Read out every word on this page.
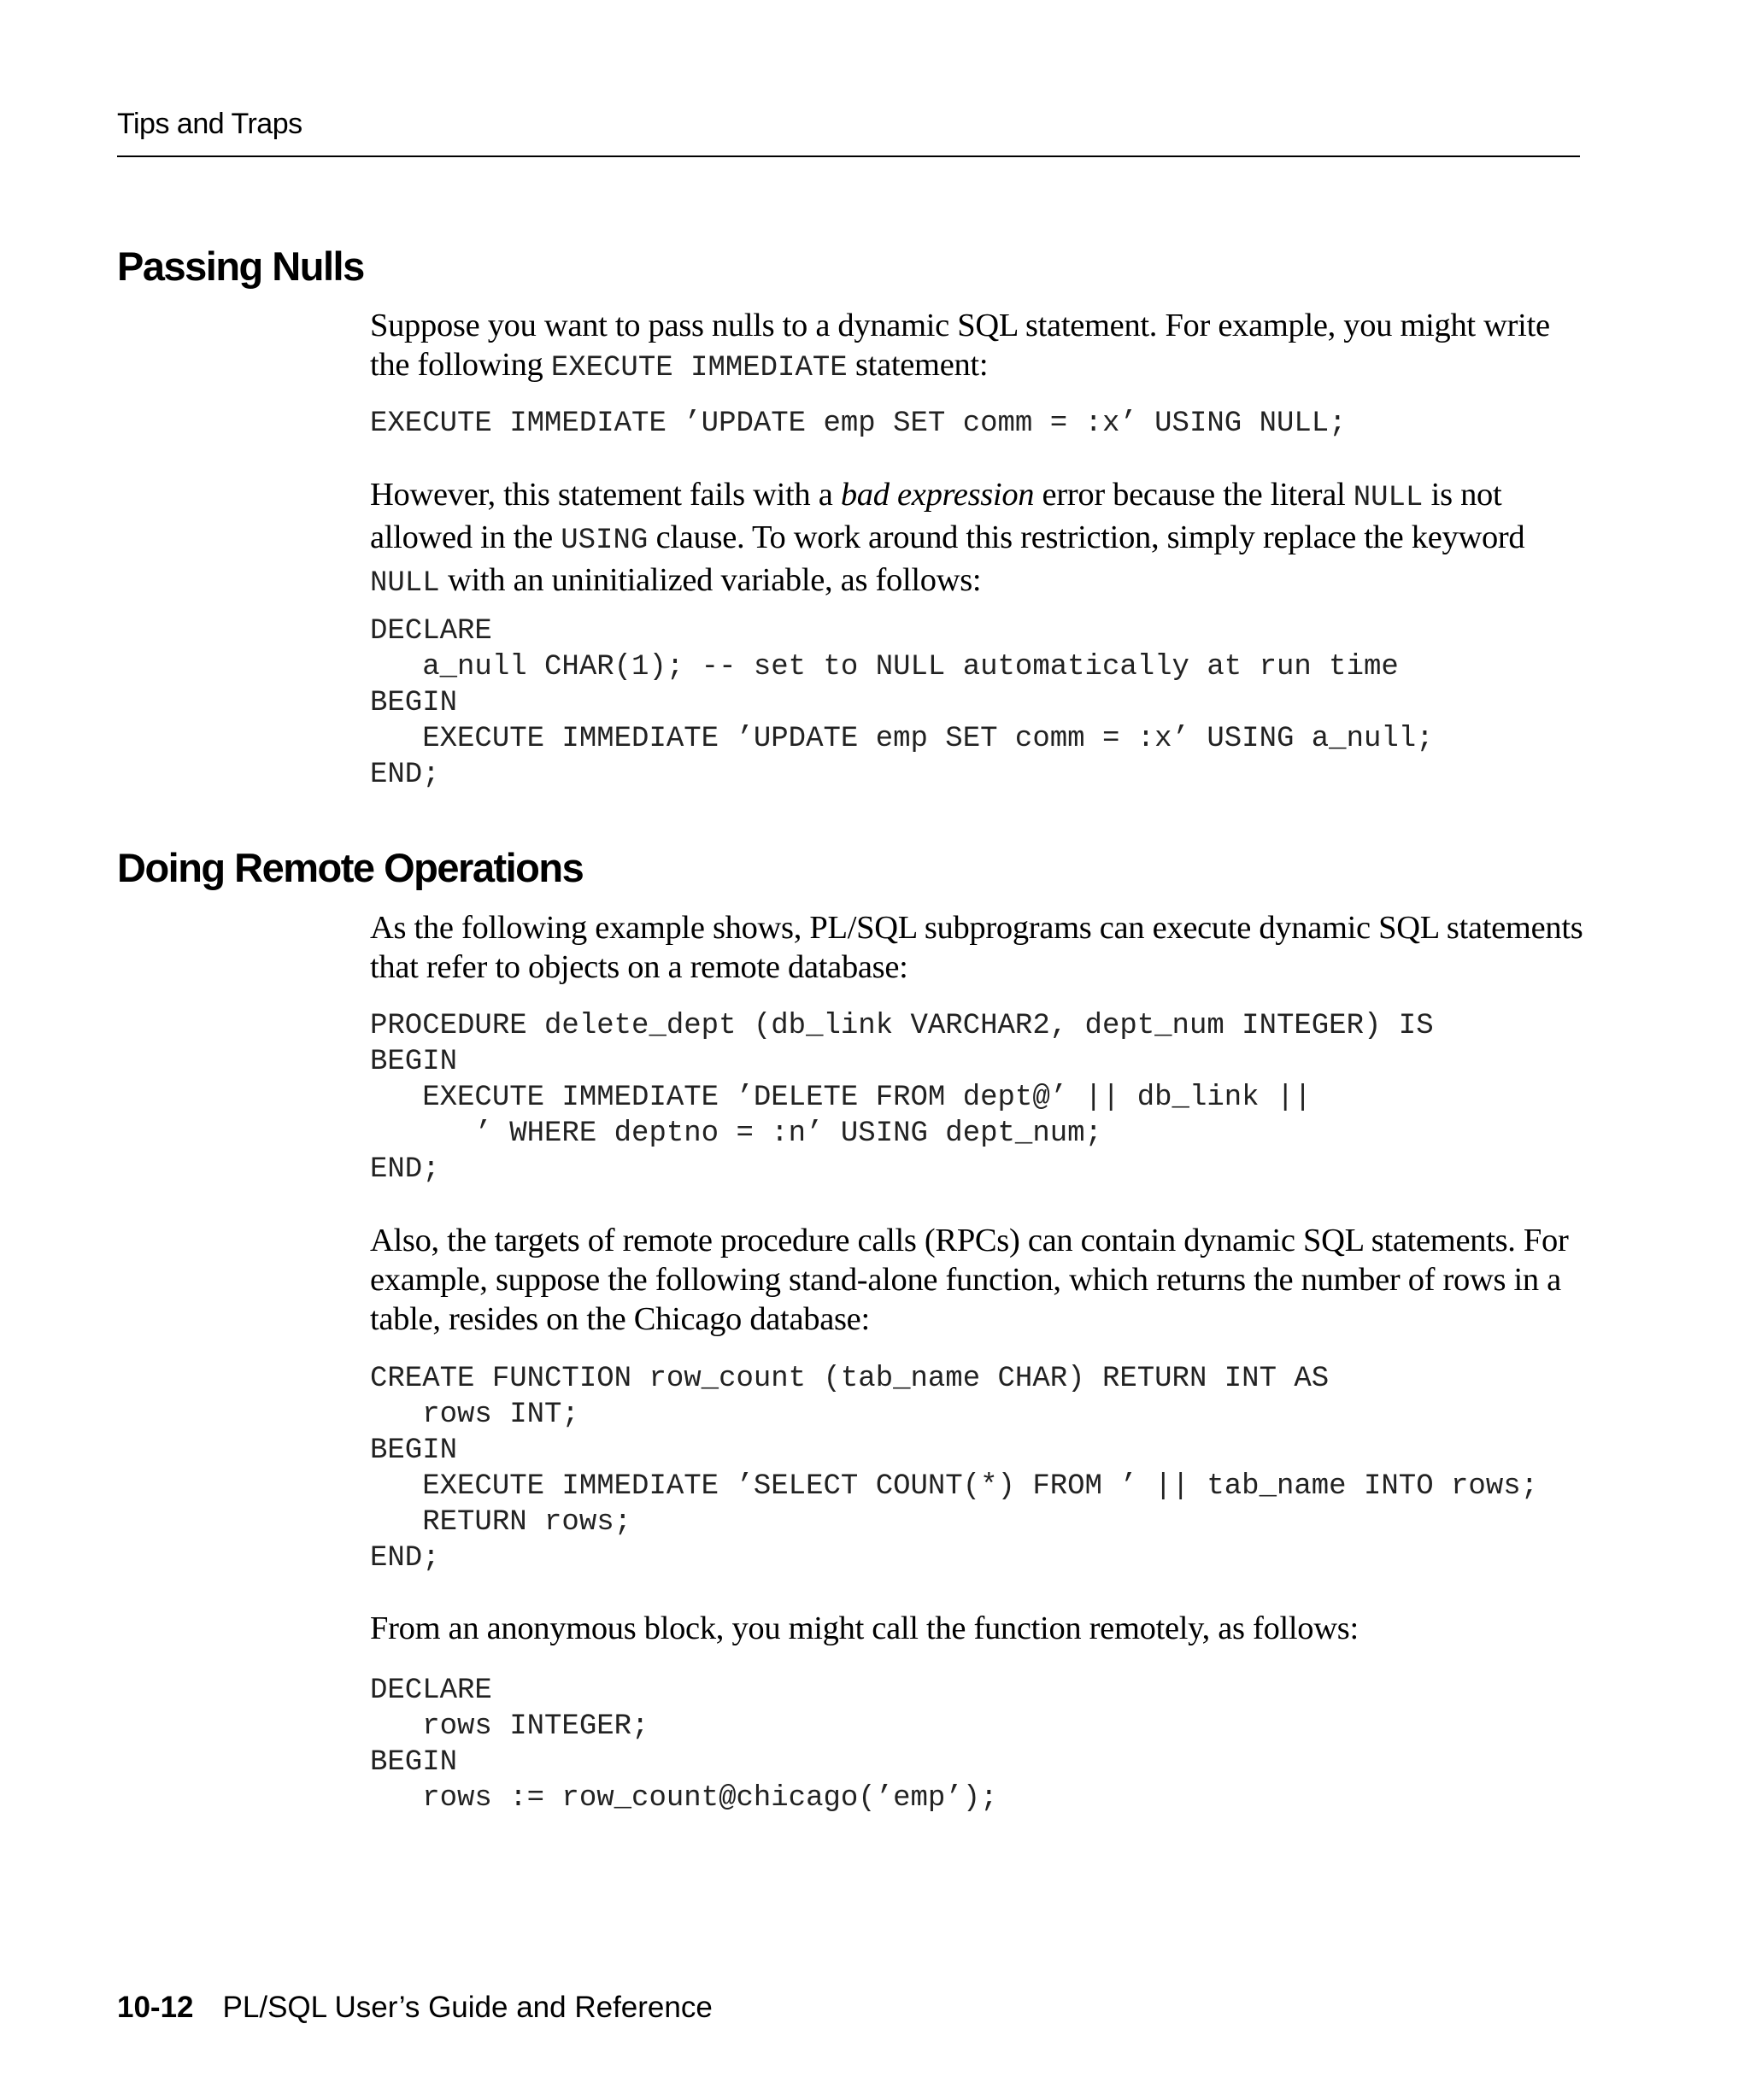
Tips and Traps

Passing Nulls

Suppose you want to pass nulls to a dynamic SQL statement. For example, you might write the following EXECUTE IMMEDIATE statement:

EXECUTE IMMEDIATE ’UPDATE emp SET comm = :x’ USING NULL;

However, this statement fails with a bad expression error because the literal NULL is not allowed in the USING clause. To work around this restriction, simply replace the keyword NULL with an uninitialized variable, as follows:

DECLARE
a_null CHAR(1); -- set to NULL automatically at run time
BEGIN
EXECUTE IMMEDIATE ’UPDATE emp SET comm = :x’ USING a_null;
END;
Doing Remote Operations

As the following example shows, PL/SQL subprograms can execute dynamic SQL statements that refer to objects on a remote database:

PROCEDURE delete_dept (db_link VARCHAR2, dept_num INTEGER) IS
BEGIN
EXECUTE IMMEDIATE ’DELETE FROM dept@’ || db_link ||
’ WHERE deptno = :n’ USING dept_num;
END;

Also, the targets of remote procedure calls (RPCs) can contain dynamic SQL statements. For example, suppose the following stand-alone function, which returns the number of rows in a table, resides on the Chicago database:

CREATE FUNCTION row_count (tab_name CHAR) RETURN INT AS
rows INT;
BEGIN
EXECUTE IMMEDIATE ’SELECT COUNT(*) FROM ’ || tab_name INTO rows;
RETURN rows;
END;

From an anonymous block, you might call the function remotely, as follows:

DECLARE
rows INTEGER;
BEGIN
rows := row_count@chicago(’emp’);

10-12 PL/SQL User’s Guide and Reference
